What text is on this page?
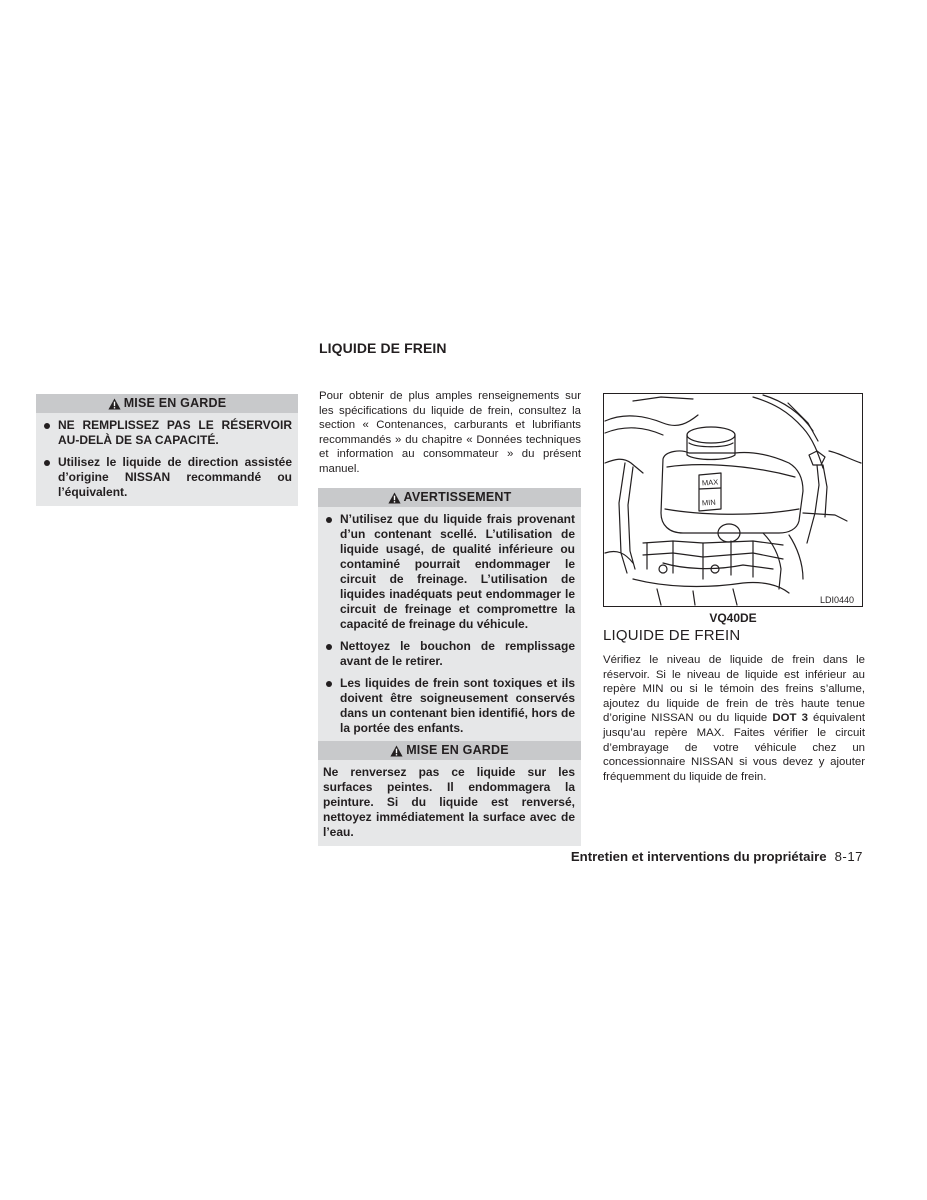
LIQUIDE DE FREIN
MISE EN GARDE
NE REMPLISSEZ PAS LE RÉSERVOIR AU-DELÀ DE SA CAPACITÉ.
Utilisez le liquide de direction assistée d’origine NISSAN recommandé ou l’équivalent.
Pour obtenir de plus amples renseignements sur les spécifications du liquide de frein, consultez la section « Contenances, carburants et lubrifiants recommandés » du chapitre « Données techniques et information au consommateur » du présent manuel.
AVERTISSEMENT
N’utilisez que du liquide frais provenant d’un contenant scellé. L’utilisation de liquide usagé, de qualité inférieure ou contaminé pourrait endommager le circuit de freinage. L’utilisation de liquides inadéquats peut endommager le circuit de freinage et compromettre la capacité de freinage du véhicule.
Nettoyez le bouchon de remplissage avant de le retirer.
Les liquides de frein sont toxiques et ils doivent être soigneusement conservés dans un contenant bien identifié, hors de la portée des enfants.
MISE EN GARDE
Ne renversez pas ce liquide sur les surfaces peintes. Il endommagera la peinture. Si du liquide est renversé, nettoyez immédiatement la surface avec de l’eau.
MAX
MIN
LDI0440
VQ40DE
LIQUIDE DE FREIN
Vérifiez le niveau de liquide de frein dans le réservoir. Si le niveau de liquide est inférieur au repère MIN ou si le témoin des freins s’allume, ajoutez du liquide de frein de très haute tenue d’origine NISSAN ou du liquide DOT 3 équivalent jusqu’au repère MAX. Faites vérifier le circuit d’embrayage de votre véhicule chez un concessionnaire NISSAN si vous devez y ajouter fréquemment du liquide de frein.
Entretien et interventions du propriétaire 8-17
